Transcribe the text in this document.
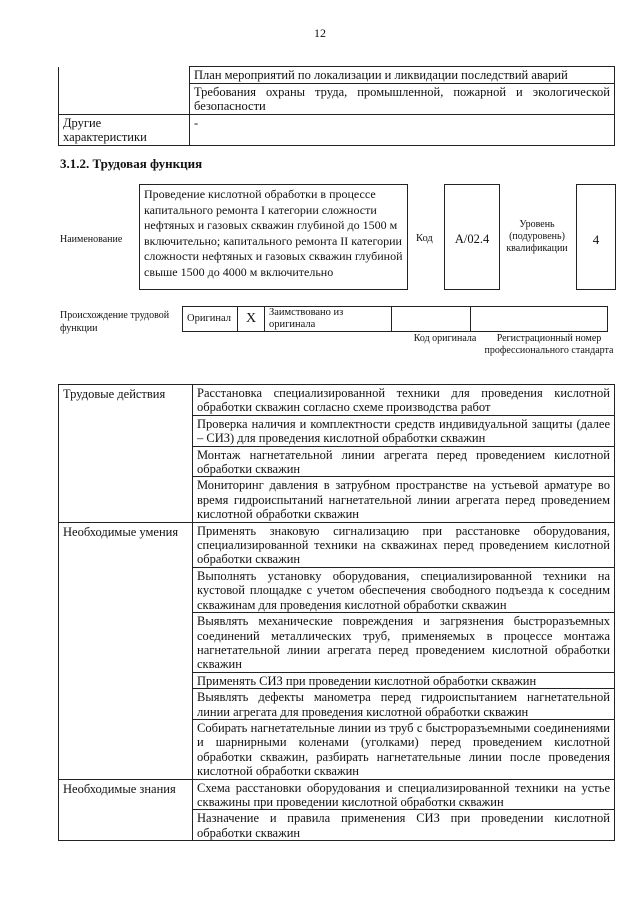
12
	План мероприятий по локализации и ликвидации последствий аварий
	Требования охраны труда, промышленной, пожарной и экологической безопасности
Другие характеристики	-
3.1.2. Трудовая функция
Наименование
Проведение кислотной обработки в процессе капитального ремонта I категории сложности нефтяных и газовых скважин глубиной до 1500 м включительно; капитального ремонта II категории сложности нефтяных и газовых скважин глубиной свыше 1500 до 4000 м включительно
Код	A/02.4
Уровень (подуровень) квалификации
4
Происхождение трудовой функции
Оригинал	X	Заимствовано из оригинала		
Код оригинала	Регистрационный номер профессионального стандарта
Трудовые действия	Расстановка специализированной техники для проведения кислотной обработки скважин согласно схеме производства работ
	Проверка наличия и комплектности средств индивидуальной защиты (далее – СИЗ) для проведения кислотной обработки скважин
	Монтаж нагнетательной линии агрегата перед проведением кислотной обработки скважин
	Мониторинг давления в затрубном пространстве на устьевой арматуре во время гидроиспытаний нагнетательной линии агрегата перед проведением кислотной обработки скважин
Необходимые умения	Применять знаковую сигнализацию при расстановке оборудования, специализированной техники на скважинах перед проведением кислотной обработки скважин
	Выполнять установку оборудования, специализированной техники на кустовой площадке с учетом обеспечения свободного подъезда к соседним скважинам для проведения кислотной обработки скважин
	Выявлять механические повреждения и загрязнения быстроразъемных соединений металлических труб, применяемых в процессе монтажа нагнетательной линии агрегата перед проведением кислотной обработки скважин
	Применять СИЗ при проведении кислотной обработки скважин
	Выявлять дефекты манометра перед гидроиспытанием нагнетательной линии агрегата для проведения кислотной обработки скважин
	Собирать нагнетательные линии из труб с быстроразъемными соединениями и шарнирными коленами (уголками) перед проведением кислотной обработки скважин, разбирать нагнетательные линии после проведения кислотной обработки скважин
Необходимые знания	Схема расстановки оборудования и специализированной техники на устье скважины при проведении кислотной обработки скважин
	Назначение и правила применения СИЗ при проведении кислотной обработки скважин
